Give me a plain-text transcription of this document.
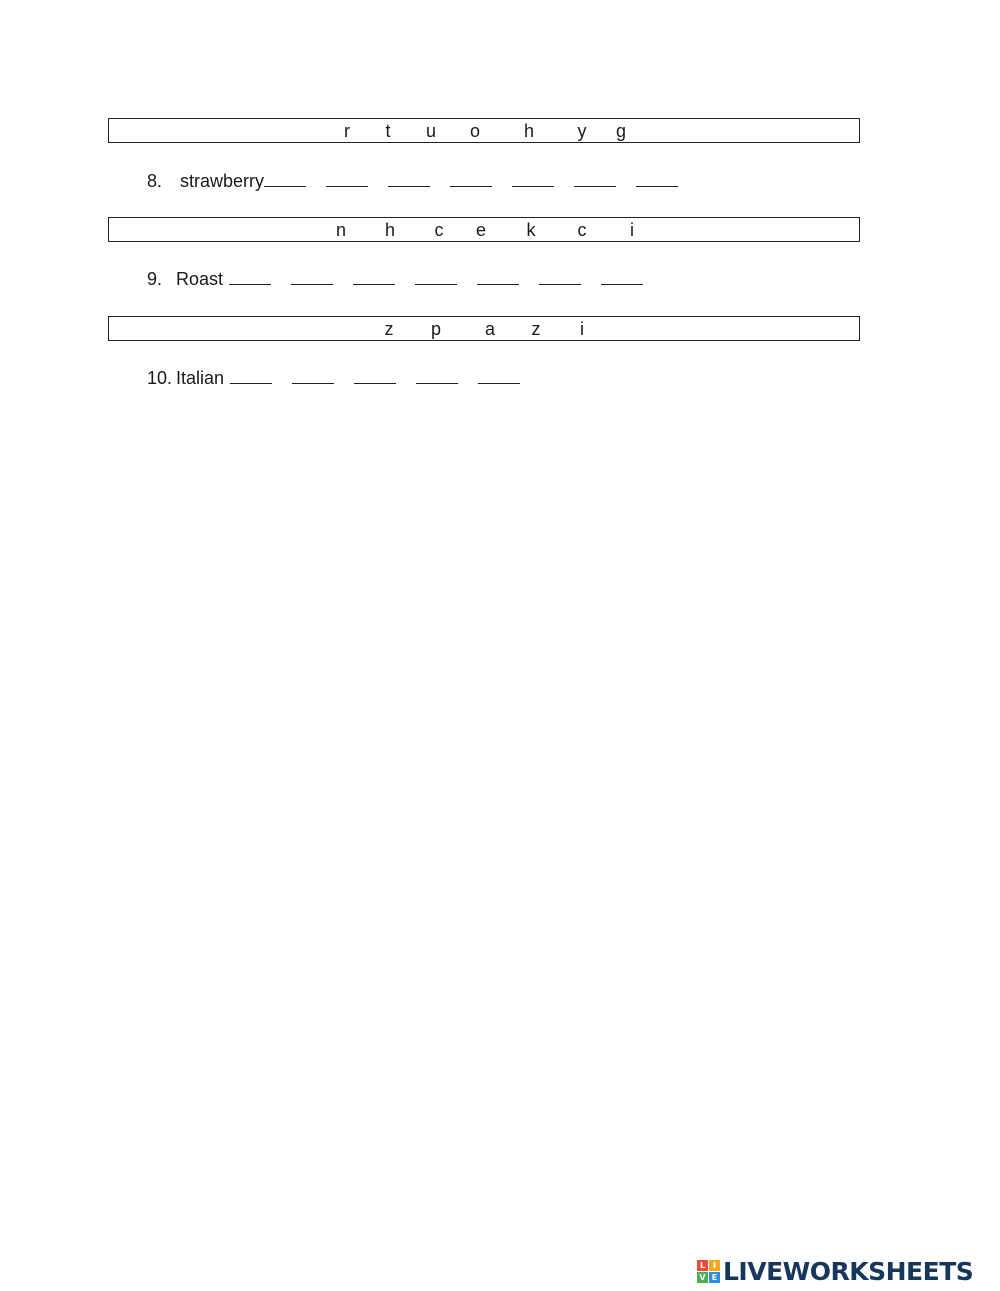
r t u o h y g
8. strawberry
n h c e k c i
9. Roast
z p a z i
10. Italian
L I
V E LIVEWORKSHEETS
